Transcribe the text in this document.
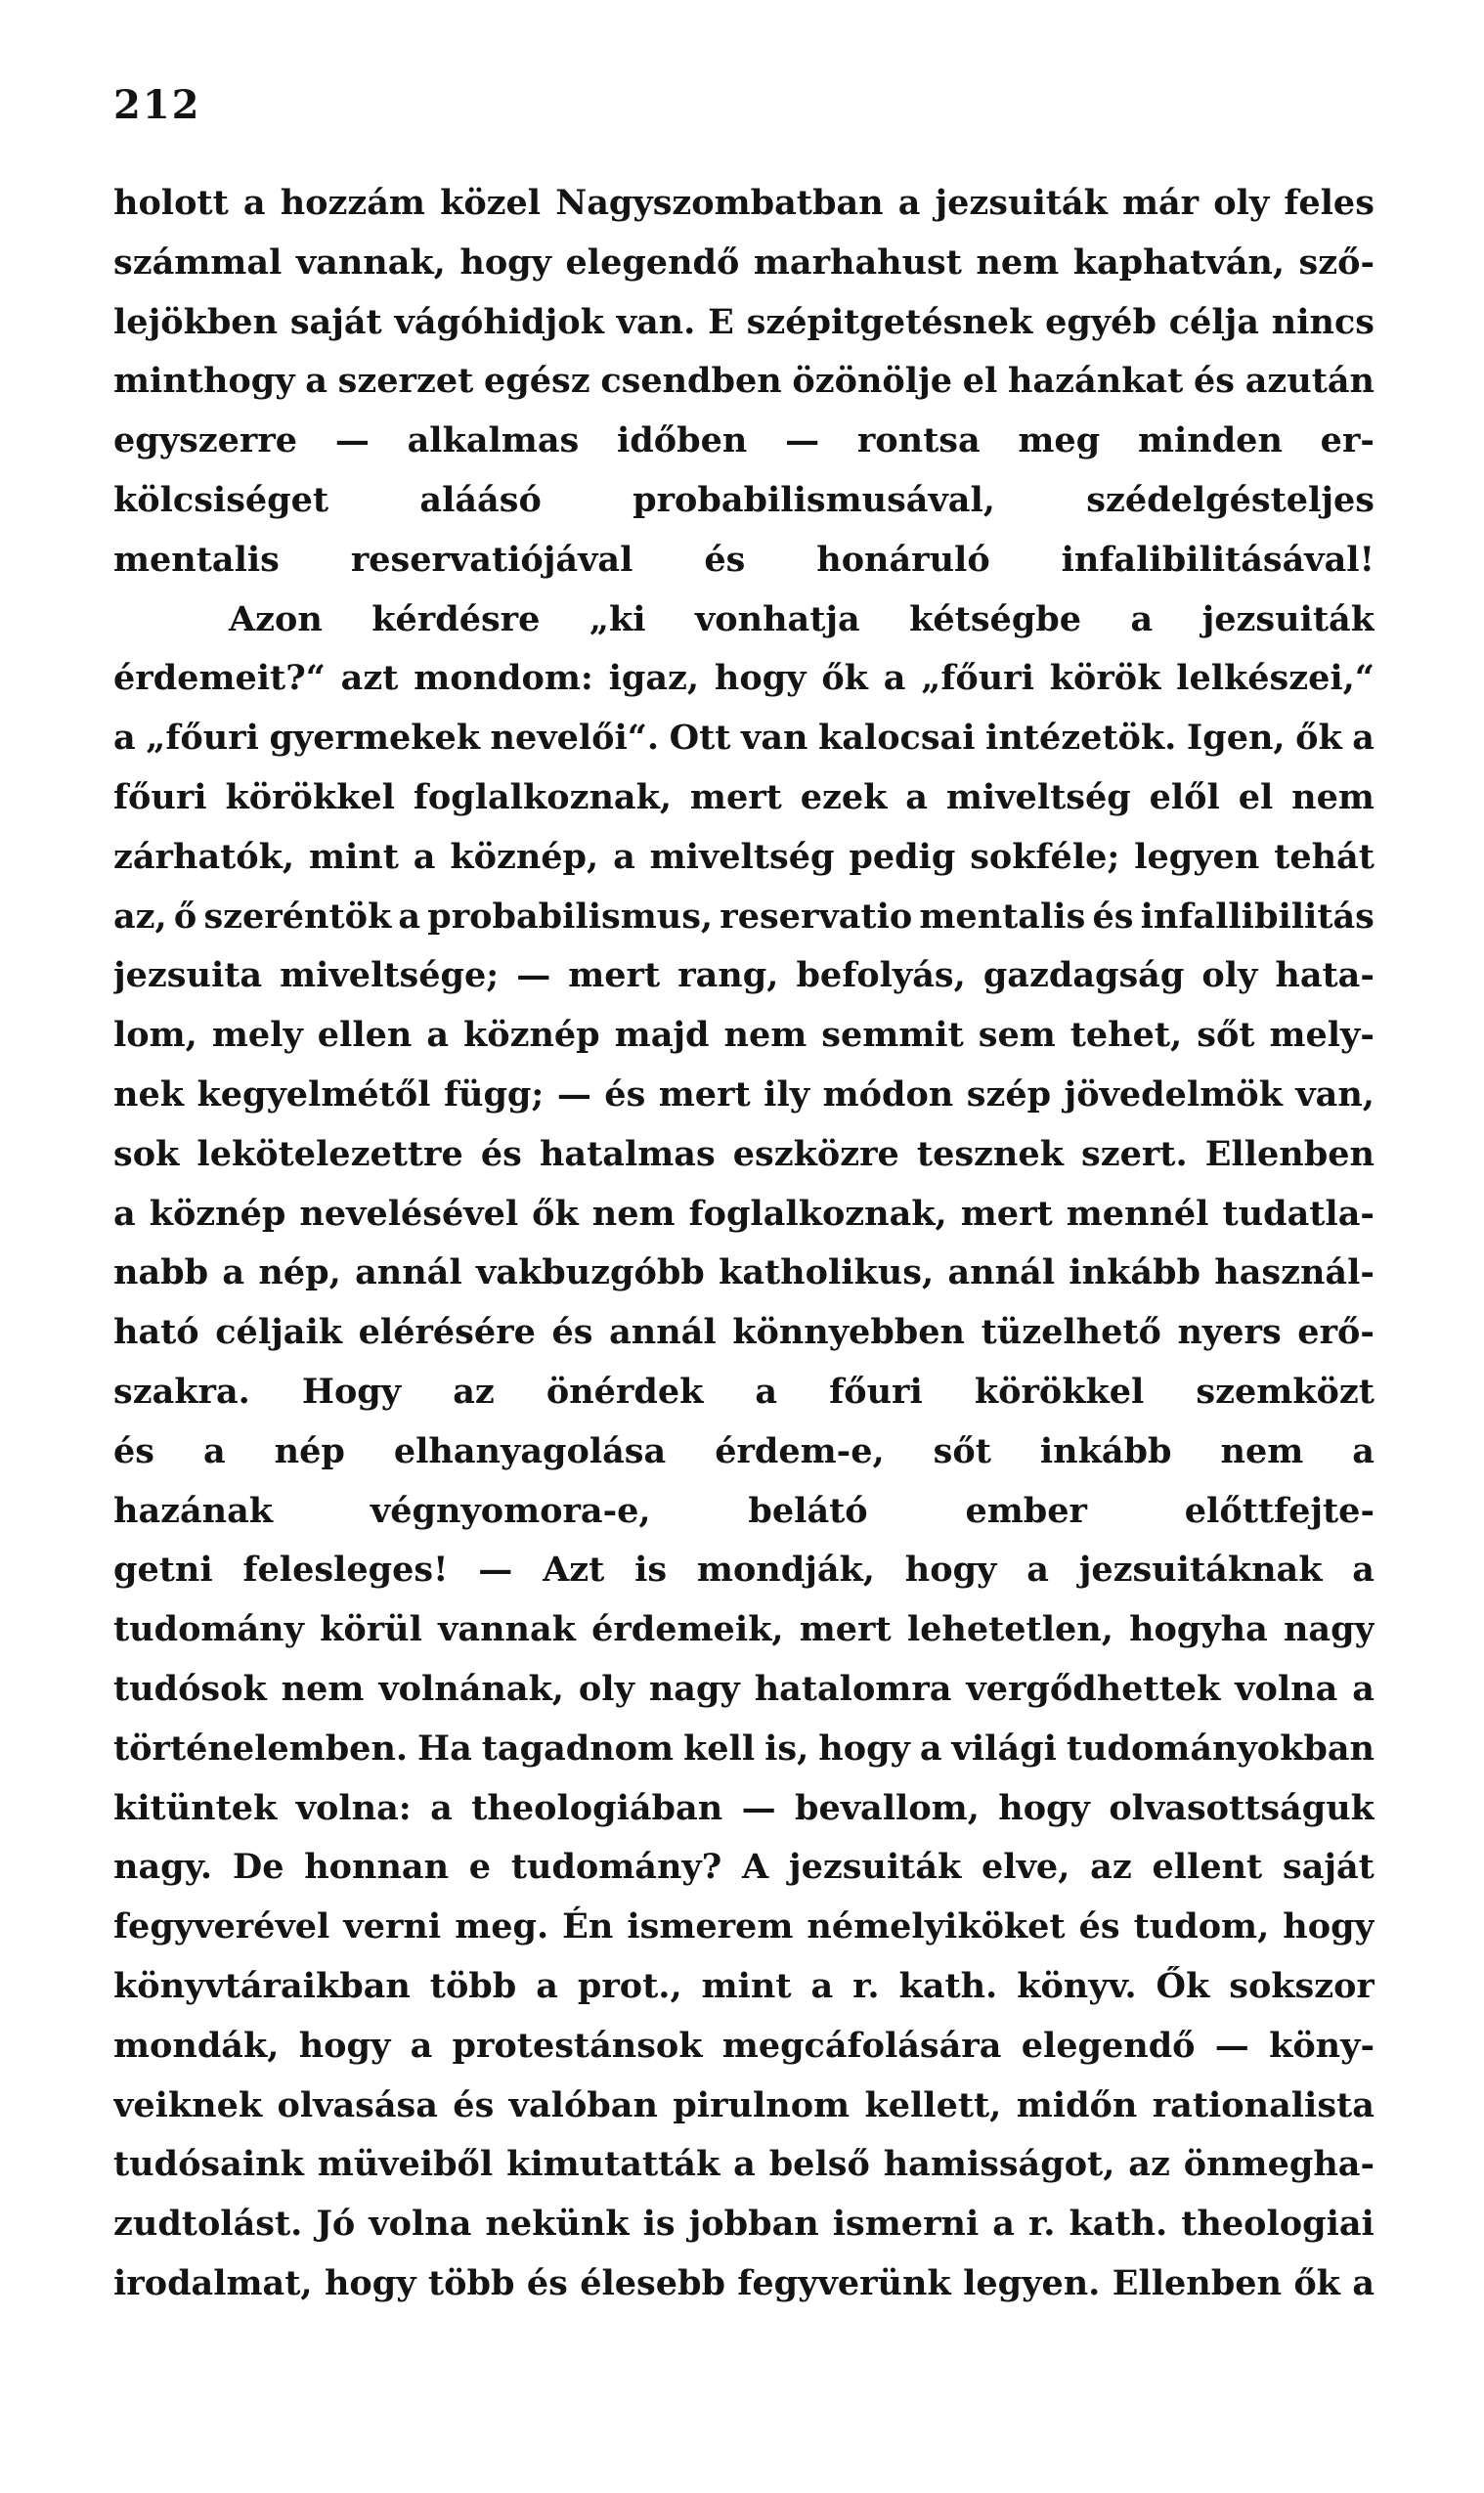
212
holott a hozzám közel Nagyszombatban a jezsuiták már oly feles
számmal vannak, hogy elegendő marhahust nem kaphatván, sző-
lejökben saját vágóhidjok van. E szépitgetésnek egyéb célja nincs
minthogy a szerzet egész csendben özönölje el hazánkat és azután
egyszerre — alkalmas időben — rontsa meg minden er-
kölcsiséget	aláásó	probabilismusával,	szédelgésteljes
mentalis reservatiójával és honáruló infalibilitásával!
Azon kérdésre „ki vonhatja kétségbe a jezsuiták
érdemeit?“ azt mondom: igaz, hogy ők a „főuri körök lelkészei,“
a „főuri gyermekek nevelői“. Ott van kalocsai intézetök. Igen, ők a
főuri körökkel foglalkoznak, mert ezek a miveltség elől el nem
zárhatók, mint a köznép, a miveltség pedig sokféle; legyen tehát
az, ő szeréntök a probabilismus, reservatio mentalis és infallibilitás
jezsuita miveltsége; — mert rang, befolyás, gazdagság oly hata-
lom, mely ellen a köznép majd nem semmit sem tehet, sőt mely-
nek kegyelmétől függ; — és mert ily módon szép jövedelmök van,
sok lekötelezettre és hatalmas eszközre tesznek szert. Ellenben
a köznép nevelésével ők nem foglalkoznak, mert mennél tudatla-
nabb a nép, annál vakbuzgóbb katholikus, annál inkább használ-
ható céljaik elérésére és annál könnyebben tüzelhető nyers erő-
szakra. Hogy az önérdek a főuri körökkel szemközt
és a nép elhanyagolása érdem-e, sőt inkább nem a
hazának	végnyomora-e,	belátó	ember	előttfejte-
getni felesleges! — Azt is mondják, hogy a jezsuitáknak a
tudomány körül vannak érdemeik, mert lehetetlen, hogyha nagy
tudósok nem volnának, oly nagy hatalomra vergődhettek volna a
történelemben. Ha tagadnom kell is, hogy a világi tudományokban
kitüntek volna: a theologiában — bevallom, hogy olvasottságuk
nagy. De honnan e tudomány? A jezsuiták elve, az ellent saját
fegyverével verni meg. Én ismerem némelyiköket és tudom, hogy
könyvtáraikban több a prot., mint a r. kath. könyv. Ők sokszor
mondák, hogy a protestánsok megcáfolására elegendő — köny-
veiknek olvasása és valóban pirulnom kellett, midőn rationalista
tudósaink müveiből kimutatták a belső hamisságot, az önmegha-
zudtolást. Jó volna nekünk is jobban ismerni a r. kath. theologiai
irodalmat, hogy több és élesebb fegyverünk legyen. Ellenben ők a
